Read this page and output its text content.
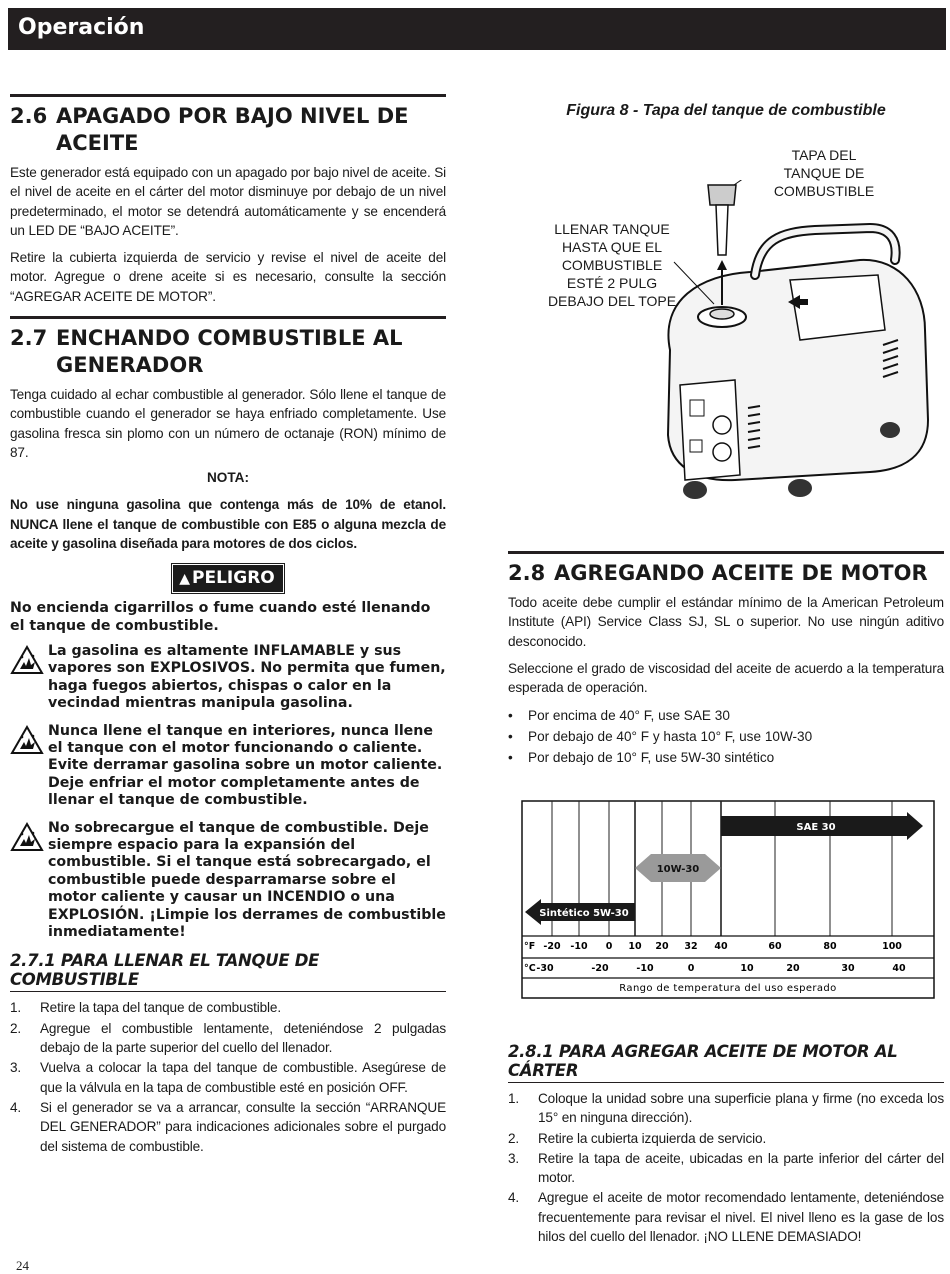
Operación
2.6 APAGADO POR BAJO NIVEL DE ACEITE

Este generador está equipado con un apagado por bajo nivel de aceite. Si el nivel de aceite en el cárter del motor disminuye por debajo de un nivel predeterminado, el motor se detendrá automáticamente y se encenderá un LED DE “BAJO ACEITE”.

Retire la cubierta izquierda de servicio y revise el nivel de aceite del motor. Agregue o drene aceite si es necesario, consulte la sección “AGREGAR ACEITE DE MOTOR”.

2.7 ENCHANDO COMBUSTIBLE AL GENERADOR

Tenga cuidado al echar combustible al generador. Sólo llene el tanque de combustible cuando el generador se haya enfriado completamente. Use gasolina fresca sin plomo con un número de octanaje (RON) mínimo de 87.

NOTA:

No use ninguna gasolina que contenga más de 10% de etanol. NUNCA llene el tanque de combustible con E85 o alguna mezcla de aceite y gasolina diseñada para motores de dos ciclos.

▲ PELIGRO

No encienda cigarrillos o fume cuando esté llenando el tanque de combustible.

La gasolina es altamente INFLAMABLE y sus vapores son EXPLOSIVOS. No permita que fumen, haga fuegos abiertos, chispas o calor en la vecindad mientras manipula gasolina.
Nunca llene el tanque en interiores, nunca llene el tanque con el motor funcionando o caliente. Evite derramar gasolina sobre un motor caliente. Deje enfriar el motor completamente antes de llenar el tanque de combustible.
No sobrecargue el tanque de combustible. Deje siempre espacio para la expansión del combustible. Si el tanque está sobrecargado, el combustible puede desparramarse sobre el motor caliente y causar un INCENDIO o una EXPLOSIÓN. ¡Limpie los derrames de combustible inmediatamente!
2.7.1 PARA LLENAR EL TANQUE DE COMBUSTIBLE
1.	Retire la tapa del tanque de combustible.
2.	Agregue el combustible lentamente, deteniéndose 2 pulgadas debajo de la parte superior del cuello del llenador.
3.	Vuelva a colocar la tapa del tanque de combustible. Asegúrese de que la válvula en la tapa de combustible esté en posición OFF.
4.	Si el generador se va a arrancar, consulte la sección “ARRANQUE DEL GENERADOR” para indicaciones adicionales sobre el purgado del sistema de combustible.
Figura 8 - Tapa del tanque de combustible
TAPA DEL
TANQUE DE
COMBUSTIBLE
LLENAR TANQUE
HASTA QUE EL
COMBUSTIBLE
ESTÉ 2 PULG
DEBAJO DEL TOPE
2.8 AGREGANDO ACEITE DE MOTOR

Todo aceite debe cumplir el estándar mínimo de la American Petroleum Institute (API) Service Class SJ, SL o superior. No use ningún aditivo desconocido.

Seleccione el grado de viscosidad del aceite de acuerdo a la temperatura esperada de operación.

•	Por encima de 40° F, use SAE 30
•	Por debajo de 40° F y hasta 10° F, use 10W-30
•	Por debajo de 10° F, use 5W-30 sintético
°F
°C
-20 -10 0 10 20 32 40	60	80	100
-30	-20	-10	0	10	20	30	40
Rango de temperatura del uso esperado
SAE 30
10W-30
Sintético 5W-30
2.8.1 PARA AGREGAR ACEITE DE MOTOR AL CÁRTER
1.	Coloque la unidad sobre una superficie plana y firme (no exceda los 15° en ninguna dirección).
2.	Retire la cubierta izquierda de servicio.
3.	Retire la tapa de aceite, ubicadas en la parte inferior del cárter del motor.
4.	Agregue el aceite de motor recomendado lentamente, deteniéndose frecuentemente para revisar el nivel. El nivel lleno es la gase de los hilos del cuello del llenador. ¡NO LLENE DEMASIADO!
24
